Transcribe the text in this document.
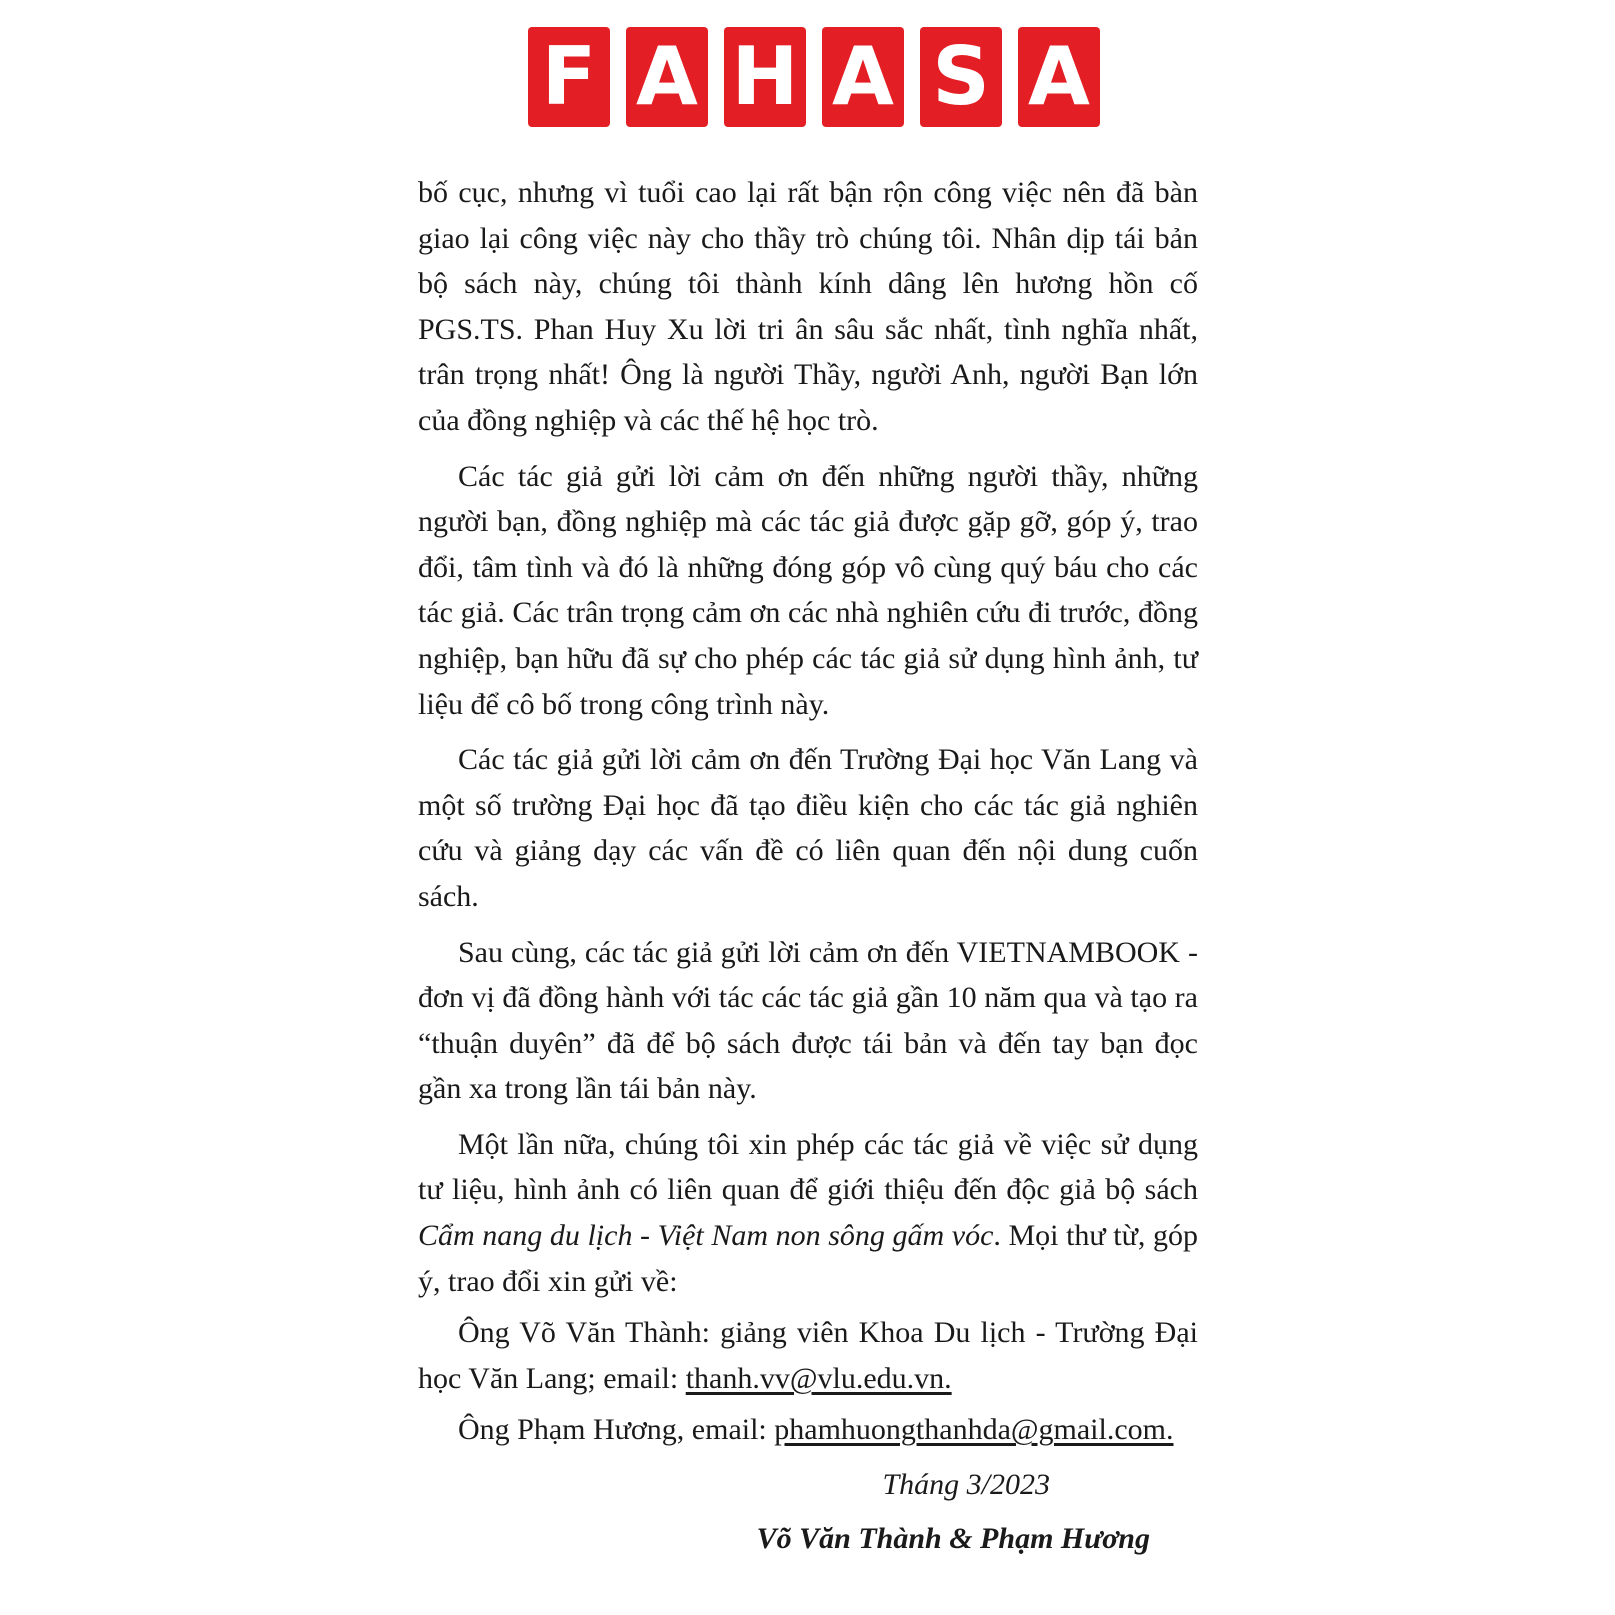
F A H A S A

bố cục, nhưng vì tuổi cao lại rất bận rộn công việc nên đã bàn giao lại công việc này cho thầy trò chúng tôi. Nhân dịp tái bản bộ sách này, chúng tôi thành kính dâng lên hương hồn cố PGS.TS. Phan Huy Xu lời tri ân sâu sắc nhất, tình nghĩa nhất, trân trọng nhất! Ông là người Thầy, người Anh, người Bạn lớn của đồng nghiệp và các thế hệ học trò.

Các tác giả gửi lời cảm ơn đến những người thầy, những người bạn, đồng nghiệp mà các tác giả được gặp gỡ, góp ý, trao đổi, tâm tình và đó là những đóng góp vô cùng quý báu cho các tác giả. Các trân trọng cảm ơn các nhà nghiên cứu đi trước, đồng nghiệp, bạn hữu đã sự cho phép các tác giả sử dụng hình ảnh, tư liệu để cô bố trong công trình này.

Các tác giả gửi lời cảm ơn đến Trường Đại học Văn Lang và một số trường Đại học đã tạo điều kiện cho các tác giả nghiên cứu và giảng dạy các vấn đề có liên quan đến nội dung cuốn sách.

Sau cùng, các tác giả gửi lời cảm ơn đến VIETNAMBOOK - đơn vị đã đồng hành với tác các tác giả gần 10 năm qua và tạo ra “thuận duyên” đã để bộ sách được tái bản và đến tay bạn đọc gần xa trong lần tái bản này.

Một lần nữa, chúng tôi xin phép các tác giả về việc sử dụng tư liệu, hình ảnh có liên quan để giới thiệu đến độc giả bộ sách Cẩm nang du lịch - Việt Nam non sông gấm vóc. Mọi thư từ, góp ý, trao đổi xin gửi về:

Ông Võ Văn Thành: giảng viên Khoa Du lịch - Trường Đại học Văn Lang; email: thanh.vv@vlu.edu.vn.

Ông Phạm Hương, email: phamhuongthanhda@gmail.com.

Tháng 3/2023
Võ Văn Thành & Phạm Hương
